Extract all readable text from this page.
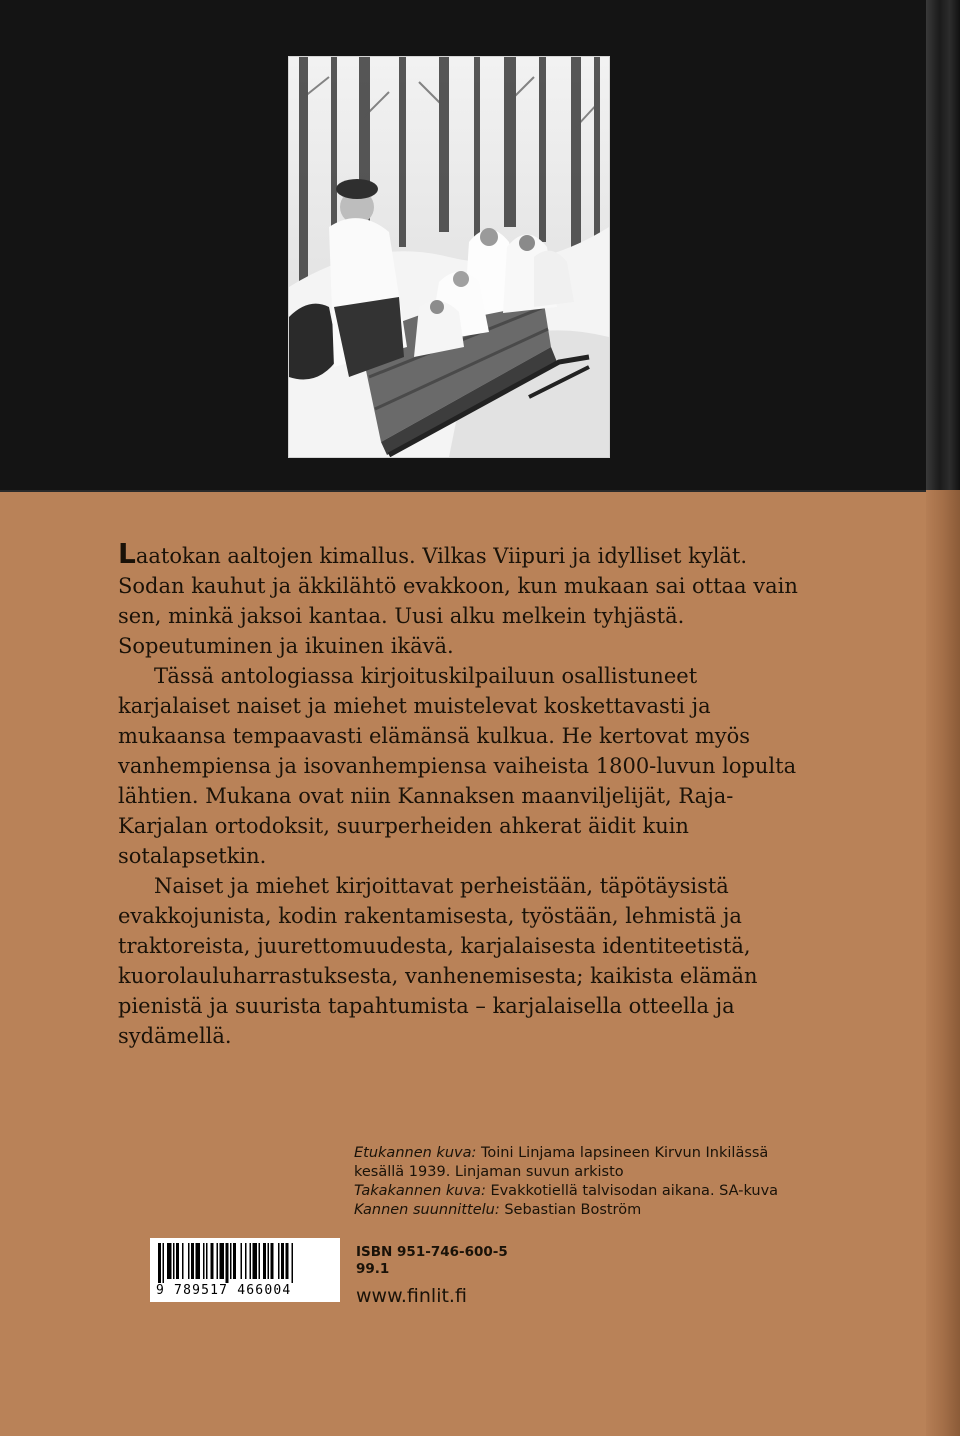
Laatokan aaltojen kimallus. Vilkas Viipuri ja idylliset kylät. Sodan kauhut ja äkkilähtö evakkoon, kun mukaan sai ottaa vain sen, minkä jaksoi kantaa. Uusi alku melkein tyhjästä. Sopeutuminen ja ikuinen ikävä.

Tässä antologiassa kirjoituskilpailuun osallistuneet karjalaiset naiset ja miehet muistelevat koskettavasti ja mukaansa tempaavasti elämänsä kulkua. He kertovat myös vanhempiensa ja isovanhempiensa vaiheista 1800-luvun lopulta lähtien. Mukana ovat niin Kannaksen maanviljelijät, Raja-Karjalan ortodoksit, suurperheiden ahkerat äidit kuin sotalapsetkin.

Naiset ja miehet kirjoittavat perheistään, täpötäysistä evakkojunista, kodin rakentamisesta, työstään, lehmistä ja traktoreista, juurettomuudesta, karjalaisesta identiteetistä, kuorolauluharrastuksesta, vanhenemisesta; kaikista elämän pienistä ja suurista tapahtumista – karjalaisella otteella ja sydämellä.

Etukannen kuva: Toini Linjama lapsineen Kirvun Inkilässä
kesällä 1939. Linjaman suvun arkisto
Takakannen kuva: Evakkotiellä talvisodan aikana. SA-kuva
Kannen suunnittelu: Sebastian Boström
9 789517 466004
ISBN 951-746-600-5
99.1
www.finlit.fi
